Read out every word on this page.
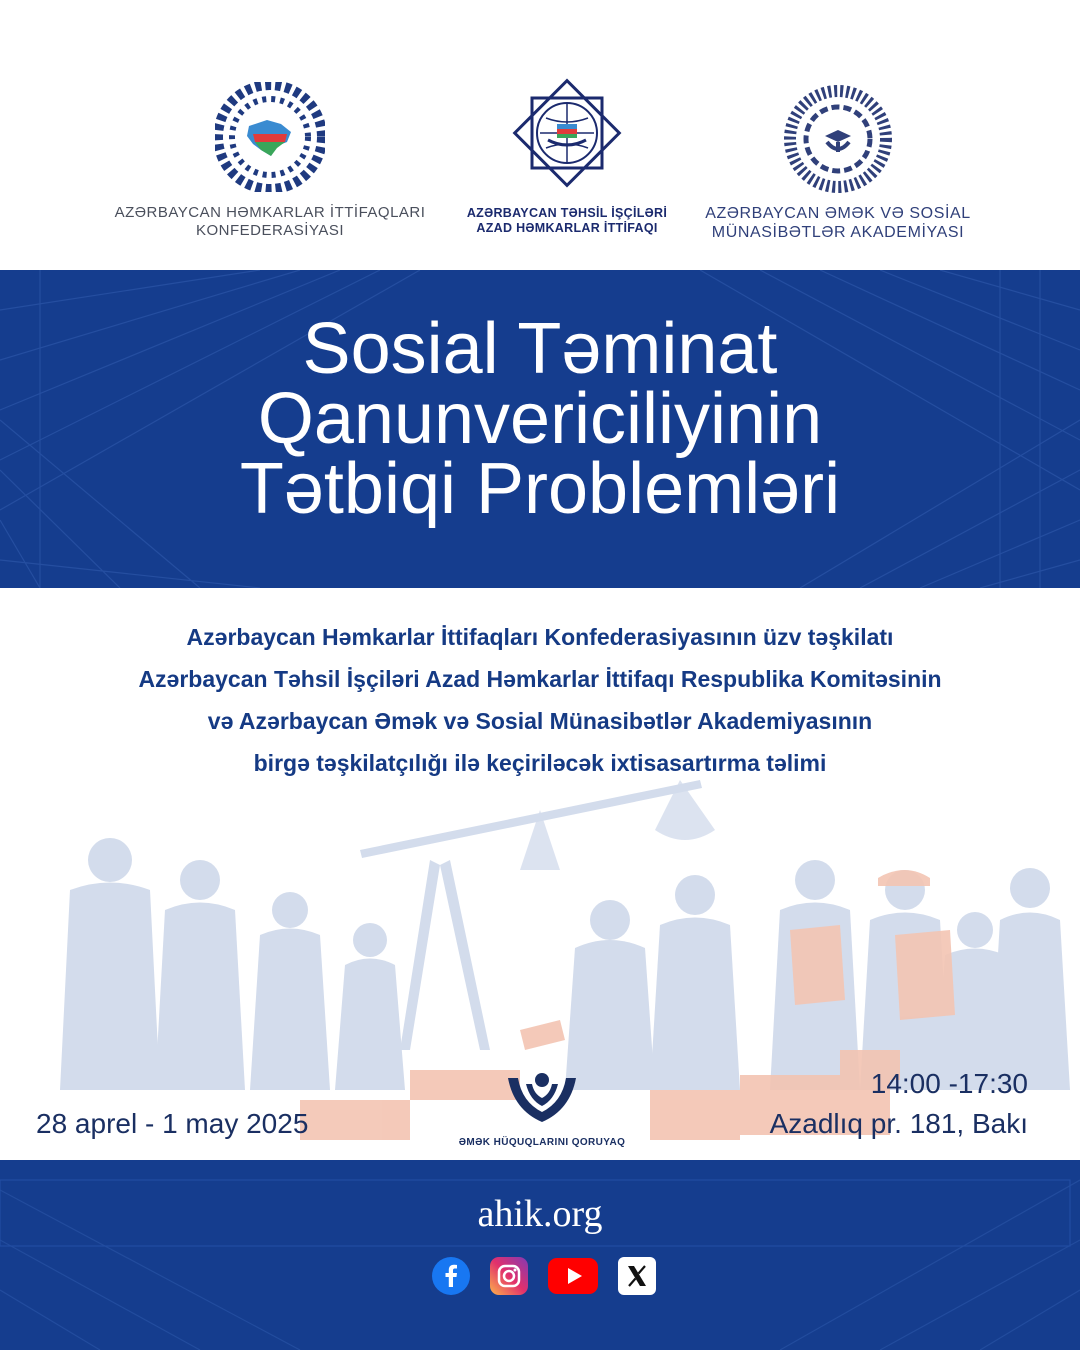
AZƏRBAYCAN HƏMKARLAR İTTİFAQLARI
KONFEDERASİYASI
AZƏRBAYCAN TƏHSİL İŞÇİLƏRİ
AZAD HƏMKARLAR İTTİFAQI
AZƏRBAYCAN ƏMƏK VƏ SOSİAL
MÜNASİBƏTLƏR AKADEMİYASI
Sosial Təminat
Qanunvericiliyinin
Tətbiqi Problemləri
Azərbaycan Həmkarlar İttifaqları Konfederasiyasının üzv təşkilatı
Azərbaycan Təhsil İşçiləri Azad Həmkarlar İttifaqı Respublika Komitəsinin
və Azərbaycan Əmək və Sosial Münasibətlər Akademiyasının
birgə təşkilatçılığı ilə keçiriləcək ixtisasartırma təlimi
28 aprel - 1 may 2025
14:00 -17:30
Azadlıq pr. 181, Bakı
ƏMƏK HÜQUQLARINI QORUYAQ
ahik.org
